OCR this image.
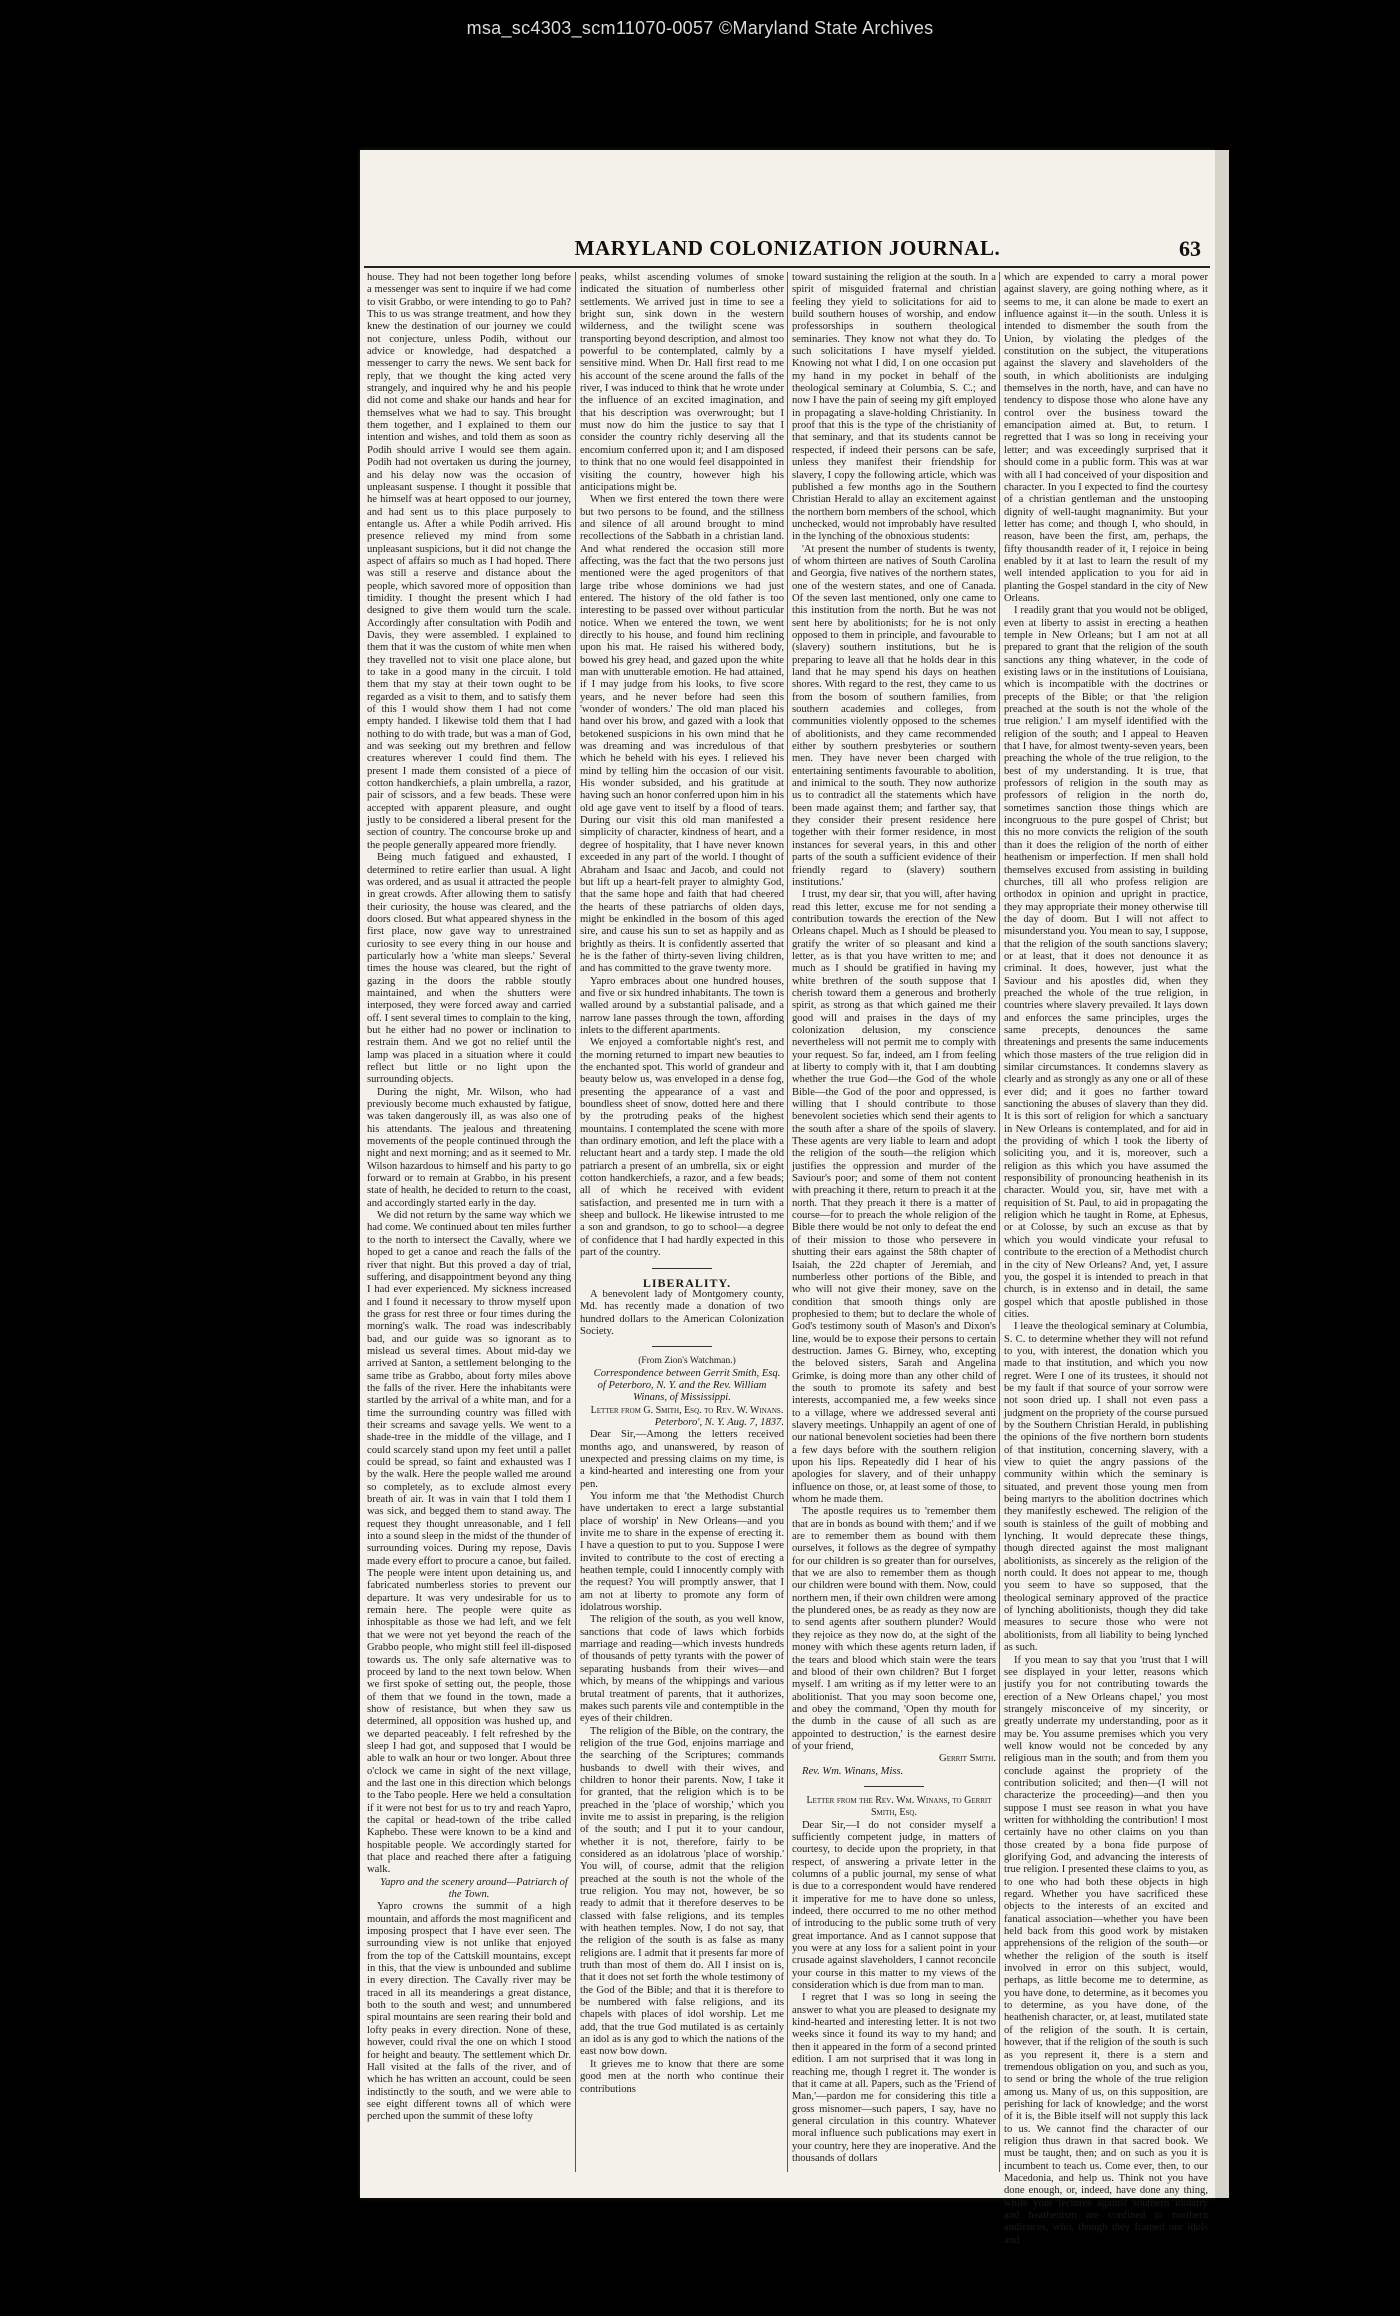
msa_sc4303_scm11070-0057 ©Maryland State Archives
MARYLAND COLONIZATION JOURNAL.	63

house. They had not been together long before a messenger was sent to inquire if we had come to visit Grabbo, or were intending to go to Pah? This to us was strange treatment, and how they knew the destination of our journey we could not conjecture, unless Podih, without our advice or knowledge, had despatched a messenger to carry the news. We sent back for reply, that we thought the king acted very strangely, and inquired why he and his people did not come and shake our hands and hear for themselves what we had to say. This brought them together, and I explained to them our intention and wishes, and told them as soon as Podih should arrive I would see them again. Podih had not overtaken us during the journey, and his delay now was the occasion of unpleasant suspense. I thought it possible that he himself was at heart opposed to our journey, and had sent us to this place purposely to entangle us. After a while Podih arrived. His presence relieved my mind from some unpleasant suspicions, but it did not change the aspect of affairs so much as I had hoped. There was still a reserve and distance about the people, which savored more of opposition than timidity. I thought the present which I had designed to give them would turn the scale. Accordingly after consultation with Podih and Davis, they were assembled. I explained to them that it was the custom of white men when they travelled not to visit one place alone, but to take in a good many in the circuit. I told them that my stay at their town ought to be regarded as a visit to them, and to satisfy them of this I would show them I had not come empty handed. I likewise told them that I had nothing to do with trade, but was a man of God, and was seeking out my brethren and fellow creatures wherever I could find them. The present I made them consisted of a piece of cotton handkerchiefs, a plain umbrella, a razor, pair of scissors, and a few beads. These were accepted with apparent pleasure, and ought justly to be considered a liberal present for the section of country. The concourse broke up and the people generally appeared more friendly.

Being much fatigued and exhausted, I determined to retire earlier than usual. A light was ordered, and as usual it attracted the people in great crowds. After allowing them to satisfy their curiosity, the house was cleared, and the doors closed. But what appeared shyness in the first place, now gave way to unrestrained curiosity to see every thing in our house and particularly how a 'white man sleeps.' Several times the house was cleared, but the right of gazing in the doors the rabble stoutly maintained, and when the shutters were interposed, they were forced away and carried off. I sent several times to complain to the king, but he either had no power or inclination to restrain them. And we got no relief until the lamp was placed in a situation where it could reflect but little or no light upon the surrounding objects.

During the night, Mr. Wilson, who had previously become much exhausted by fatigue, was taken dangerously ill, as was also one of his attendants. The jealous and threatening movements of the people continued through the night and next morning; and as it seemed to Mr. Wilson hazardous to himself and his party to go forward or to remain at Grabbo, in his present state of health, he decided to return to the coast, and accordingly started early in the day.

We did not return by the same way which we had come. We continued about ten miles further to the north to intersect the Cavally, where we hoped to get a canoe and reach the falls of the river that night. But this proved a day of trial, suffering, and disappointment beyond any thing I had ever experienced. My sickness increased and I found it necessary to throw myself upon the grass for rest three or four times during the morning's walk. The road was indescribably bad, and our guide was so ignorant as to mislead us several times. About mid-day we arrived at Santon, a settlement belonging to the same tribe as Grabbo, about forty miles above the falls of the river. Here the inhabitants were startled by the arrival of a white man, and for a time the surrounding country was filled with their screams and savage yells. We went to a shade-tree in the middle of the village, and I could scarcely stand upon my feet until a pallet could be spread, so faint and exhausted was I by the walk. Here the people walled me around so completely, as to exclude almost every breath of air. It was in vain that I told them I was sick, and begged them to stand away. The request they thought unreasonable, and I fell into a sound sleep in the midst of the thunder of surrounding voices. During my repose, Davis made every effort to procure a canoe, but failed. The people were intent upon detaining us, and fabricated numberless stories to prevent our departure. It was very undesirable for us to remain here. The people were quite as inhospitable as those we had left, and we felt that we were not yet beyond the reach of the Grabbo people, who might still feel ill-disposed towards us. The only safe alternative was to proceed by land to the next town below. When we first spoke of setting out, the people, those of them that we found in the town, made a show of resistance, but when they saw us determined, all opposition was hushed up, and we departed peaceably. I felt refreshed by the sleep I had got, and supposed that I would be able to walk an hour or two longer. About three o'clock we came in sight of the next village, and the last one in this direction which belongs to the Tabo people. Here we held a consultation if it were not best for us to try and reach Yapro, the capital or head-town of the tribe called Kaphebo. These were known to be a kind and hospitable people. We accordingly started for that place and reached there after a fatiguing walk.

Yapro and the scenery around—Patriarch of the Town.

Yapro crowns the summit of a high mountain, and affords the most magnificent and imposing prospect that I have ever seen. The surrounding view is not unlike that enjoyed from the top of the Cattskill mountains, except in this, that the view is unbounded and sublime in every direction. The Cavally river may be traced in all its meanderings a great distance, both to the south and west; and unnumbered spiral mountains are seen rearing their bold and lofty peaks in every direction. None of these, however, could rival the one on which I stood for height and beauty. The settlement which Dr. Hall visited at the falls of the river, and of which he has written an account, could be seen indistinctly to the south, and we were able to see eight different towns all of which were perched upon the summit of these lofty

peaks, whilst ascending volumes of smoke indicated the situation of numberless other settlements. We arrived just in time to see a bright sun, sink down in the western wilderness, and the twilight scene was transporting beyond description, and almost too powerful to be contemplated, calmly by a sensitive mind. When Dr. Hall first read to me his account of the scene around the falls of the river, I was induced to think that he wrote under the influence of an excited imagination, and that his description was overwrought; but I must now do him the justice to say that I consider the country richly deserving all the encomium conferred upon it; and I am disposed to think that no one would feel disappointed in visiting the country, however high his anticipations might be.

When we first entered the town there were but two persons to be found, and the stillness and silence of all around brought to mind recollections of the Sabbath in a christian land. And what rendered the occasion still more affecting, was the fact that the two persons just mentioned were the aged progenitors of that large tribe whose dominions we had just entered. The history of the old father is too interesting to be passed over without particular notice. When we entered the town, we went directly to his house, and found him reclining upon his mat. He raised his withered body, bowed his grey head, and gazed upon the white man with unutterable emotion. He had attained, if I may judge from his looks, to five score years, and he never before had seen this 'wonder of wonders.' The old man placed his hand over his brow, and gazed with a look that betokened suspicions in his own mind that he was dreaming and was incredulous of that which he beheld with his eyes. I relieved his mind by telling him the occasion of our visit. His wonder subsided, and his gratitude at having such an honor conferred upon him in his old age gave vent to itself by a flood of tears. During our visit this old man manifested a simplicity of character, kindness of heart, and a degree of hospitality, that I have never known exceeded in any part of the world. I thought of Abraham and Isaac and Jacob, and could not but lift up a heart-felt prayer to almighty God, that the same hope and faith that had cheered the hearts of these patriarchs of olden days, might be enkindled in the bosom of this aged sire, and cause his sun to set as happily and as brightly as theirs. It is confidently asserted that he is the father of thirty-seven living children, and has committed to the grave twenty more.

Yapro embraces about one hundred houses, and five or six hundred inhabitants. The town is walled around by a substantial palisade, and a narrow lane passes through the town, affording inlets to the different apartments.

We enjoyed a comfortable night's rest, and the morning returned to impart new beauties to the enchanted spot. This world of grandeur and beauty below us, was enveloped in a dense fog, presenting the appearance of a vast and boundless sheet of snow, dotted here and there by the protruding peaks of the highest mountains. I contemplated the scene with more than ordinary emotion, and left the place with a reluctant heart and a tardy step. I made the old patriarch a present of an umbrella, six or eight cotton handkerchiefs, a razor, and a few beads; all of which he received with evident satisfaction, and presented me in turn with a sheep and bullock. He likewise intrusted to me a son and grandson, to go to school—a degree of confidence that I had hardly expected in this part of the country.

LIBERALITY.

A benevolent lady of Montgomery county, Md. has recently made a donation of two hundred dollars to the American Colonization Society.

(From Zion's Watchman.)

Correspondence between Gerrit Smith, Esq. of Peterboro, N. Y. and the Rev. William Winans, of Mississippi.

Letter from G. Smith, Esq. to Rev. W. Winans.

Peterboro', N. Y. Aug. 7, 1837.

Dear Sir,—Among the letters received months ago, and unanswered, by reason of unexpected and pressing claims on my time, is a kind-hearted and interesting one from your pen.

You inform me that 'the Methodist Church have undertaken to erect a large substantial place of worship' in New Orleans—and you invite me to share in the expense of erecting it. I have a question to put to you. Suppose I were invited to contribute to the cost of erecting a heathen temple, could I innocently comply with the request? You will promptly answer, that I am not at liberty to promote any form of idolatrous worship.

The religion of the south, as you well know, sanctions that code of laws which forbids marriage and reading—which invests hundreds of thousands of petty tyrants with the power of separating husbands from their wives—and which, by means of the whippings and various brutal treatment of parents, that it authorizes, makes such parents vile and contemptible in the eyes of their children.

The religion of the Bible, on the contrary, the religion of the true God, enjoins marriage and the searching of the Scriptures; commands husbands to dwell with their wives, and children to honor their parents. Now, I take it for granted, that the religion which is to be preached in the 'place of worship,' which you invite me to assist in preparing, is the religion of the south; and I put it to your candour, whether it is not, therefore, fairly to be considered as an idolatrous 'place of worship.' You will, of course, admit that the religion preached at the south is not the whole of the true religion. You may not, however, be so ready to admit that it therefore deserves to be classed with false religions, and its temples with heathen temples. Now, I do not say, that the religion of the south is as false as many religions are. I admit that it presents far more of truth than most of them do. All I insist on is, that it does not set forth the whole testimony of the God of the Bible; and that it is therefore to be numbered with false religions, and its chapels with places of idol worship. Let me add, that the true God mutilated is as certainly an idol as is any god to which the nations of the east now bow down.

It grieves me to know that there are some good men at the north who continue their contributions

toward sustaining the religion at the south. In a spirit of misguided fraternal and christian feeling they yield to solicitations for aid to build southern houses of worship, and endow professorships in southern theological seminaries. They know not what they do. To such solicitations I have myself yielded. Knowing not what I did, I on one occasion put my hand in my pocket in behalf of the theological seminary at Columbia, S. C.; and now I have the pain of seeing my gift employed in propagating a slave-holding Christianity. In proof that this is the type of the christianity of that seminary, and that its students cannot be respected, if indeed their persons can be safe, unless they manifest their friendship for slavery, I copy the following article, which was published a few months ago in the Southern Christian Herald to allay an excitement against the northern born members of the school, which unchecked, would not improbably have resulted in the lynching of the obnoxious students:

'At present the number of students is twenty, of whom thirteen are natives of South Carolina and Georgia, five natives of the northern states, one of the western states, and one of Canada. Of the seven last mentioned, only one came to this institution from the north. But he was not sent here by abolitionists; for he is not only opposed to them in principle, and favourable to (slavery) southern institutions, but he is preparing to leave all that he holds dear in this land that he may spend his days on heathen shores. With regard to the rest, they came to us from the bosom of southern families, from southern academies and colleges, from communities violently opposed to the schemes of abolitionists, and they came recommended either by southern presbyteries or southern men. They have never been charged with entertaining sentiments favourable to abolition, and inimical to the south. They now authorize us to contradict all the statements which have been made against them; and farther say, that they consider their present residence here together with their former residence, in most instances for several years, in this and other parts of the south a sufficient evidence of their friendly regard to (slavery) southern institutions.'

I trust, my dear sir, that you will, after having read this letter, excuse me for not sending a contribution towards the erection of the New Orleans chapel. Much as I should be pleased to gratify the writer of so pleasant and kind a letter, as is that you have written to me; and much as I should be gratified in having my white brethren of the south suppose that I cherish toward them a generous and brotherly spirit, as strong as that which gained me their good will and praises in the days of my colonization delusion, my conscience nevertheless will not permit me to comply with your request. So far, indeed, am I from feeling at liberty to comply with it, that I am doubting whether the true God—the God of the whole Bible—the God of the poor and oppressed, is willing that I should contribute to those benevolent societies which send their agents to the south after a share of the spoils of slavery. These agents are very liable to learn and adopt the religion of the south—the religion which justifies the oppression and murder of the Saviour's poor; and some of them not content with preaching it there, return to preach it at the north. That they preach it there is a matter of course—for to preach the whole religion of the Bible there would be not only to defeat the end of their mission to those who persevere in shutting their ears against the 58th chapter of Isaiah, the 22d chapter of Jeremiah, and numberless other portions of the Bible, and who will not give their money, save on the condition that smooth things only are prophesied to them; but to declare the whole of God's testimony south of Mason's and Dixon's line, would be to expose their persons to certain destruction. James G. Birney, who, excepting the beloved sisters, Sarah and Angelina Grimke, is doing more than any other child of the south to promote its safety and best interests, accompanied me, a few weeks since to a village, where we addressed several anti slavery meetings. Unhappily an agent of one of our national benevolent societies had been there a few days before with the southern religion upon his lips. Repeatedly did I hear of his apologies for slavery, and of their unhappy influence on those, or, at least some of those, to whom he made them.

The apostle requires us to 'remember them that are in bonds as bound with them;' and if we are to remember them as bound with them ourselves, it follows as the degree of sympathy for our children is so greater than for ourselves, that we are also to remember them as though our children were bound with them. Now, could northern men, if their own children were among the plundered ones, be as ready as they now are to send agents after southern plunder? Would they rejoice as they now do, at the sight of the money with which these agents return laden, if the tears and blood which stain were the tears and blood of their own children? But I forget myself. I am writing as if my letter were to an abolitionist. That you may soon become one, and obey the command, 'Open thy mouth for the dumb in the cause of all such as are appointed to destruction,' is the earnest desire of your friend,

Gerrit Smith.

Rev. Wm. Winans, Miss.

Letter from the Rev. Wm. Winans, to Gerrit Smith, Esq.

Dear Sir,—I do not consider myself a sufficiently competent judge, in matters of courtesy, to decide upon the propriety, in that respect, of answering a private letter in the columns of a public journal, my sense of what is due to a correspondent would have rendered it imperative for me to have done so unless, indeed, there occurred to me no other method of introducing to the public some truth of very great importance. And as I cannot suppose that you were at any loss for a salient point in your crusade against slaveholders, I cannot reconcile your course in this matter to my views of the consideration which is due from man to man.

I regret that I was so long in seeing the answer to what you are pleased to designate my kind-hearted and interesting letter. It is not two weeks since it found its way to my hand; and then it appeared in the form of a second printed edition. I am not surprised that it was long in reaching me, though I regret it. The wonder is that it came at all. Papers, such as the 'Friend of Man,'—pardon me for considering this title a gross misnomer—such papers, I say, have no general circulation in this country. Whatever moral influence such publications may exert in your country, here they are inoperative. And the thousands of dollars

which are expended to carry a moral power against slavery, are going nothing where, as it seems to me, it can alone be made to exert an influence against it—in the south. Unless it is intended to dismember the south from the Union, by violating the pledges of the constitution on the subject, the vituperations against the slavery and slaveholders of the south, in which abolitionists are indulging themselves in the north, have, and can have no tendency to dispose those who alone have any control over the business toward the emancipation aimed at. But, to return. I regretted that I was so long in receiving your letter; and was exceedingly surprised that it should come in a public form. This was at war with all I had conceived of your disposition and character. In you I expected to find the courtesy of a christian gentleman and the unstooping dignity of well-taught magnanimity. But your letter has come; and though I, who should, in reason, have been the first, am, perhaps, the fifty thousandth reader of it, I rejoice in being enabled by it at last to learn the result of my well intended application to you for aid in planting the Gospel standard in the city of New Orleans.

I readily grant that you would not be obliged, even at liberty to assist in erecting a heathen temple in New Orleans; but I am not at all prepared to grant that the religion of the south sanctions any thing whatever, in the code of existing laws or in the institutions of Louisiana, which is incompatible with the doctrines or precepts of the Bible; or that 'the religion preached at the south is not the whole of the true religion.' I am myself identified with the religion of the south; and I appeal to Heaven that I have, for almost twenty-seven years, been preaching the whole of the true religion, to the best of my understanding. It is true, that professors of religion in the south may as professors of religion in the north do, sometimes sanction those things which are incongruous to the pure gospel of Christ; but this no more convicts the religion of the south than it does the religion of the north of either heathenism or imperfection. If men shall hold themselves excused from assisting in building churches, till all who profess religion are orthodox in opinion and upright in practice, they may appropriate their money otherwise till the day of doom. But I will not affect to misunderstand you. You mean to say, I suppose, that the religion of the south sanctions slavery; or at least, that it does not denounce it as criminal. It does, however, just what the Saviour and his apostles did, when they preached the whole of the true religion, in countries where slavery prevailed. It lays down and enforces the same principles, urges the same precepts, denounces the same threatenings and presents the same inducements which those masters of the true religion did in similar circumstances. It condemns slavery as clearly and as strongly as any one or all of these ever did; and it goes no farther toward sanctioning the abuses of slavery than they did. It is this sort of religion for which a sanctuary in New Orleans is contemplated, and for aid in the providing of which I took the liberty of soliciting you, and it is, moreover, such a religion as this which you have assumed the responsibility of pronouncing heathenish in its character. Would you, sir, have met with a requisition of St. Paul, to aid in propagating the religion which he taught in Rome, at Ephesus, or at Colosse, by such an excuse as that by which you would vindicate your refusal to contribute to the erection of a Methodist church in the city of New Orleans? And, yet, I assure you, the gospel it is intended to preach in that church, is in extenso and in detail, the same gospel which that apostle published in those cities.

I leave the theological seminary at Columbia, S. C. to determine whether they will not refund to you, with interest, the donation which you made to that institution, and which you now regret. Were I one of its trustees, it should not be my fault if that source of your sorrow were not soon dried up. I shall not even pass a judgment on the propriety of the course pursued by the Southern Christian Herald, in publishing the opinions of the five northern born students of that institution, concerning slavery, with a view to quiet the angry passions of the community within which the seminary is situated, and prevent those young men from being martyrs to the abolition doctrines which they manifestly eschewed. The religion of the south is stainless of the guilt of mobbing and lynching. It would deprecate these things, though directed against the most malignant abolitionists, as sincerely as the religion of the north could. It does not appear to me, though you seem to have so supposed, that the theological seminary approved of the practice of lynching abolitionists, though they did take measures to secure those who were not abolitionists, from all liability to being lynched as such.

If you mean to say that you 'trust that I will see displayed in your letter, reasons which justify you for not contributing towards the erection of a New Orleans chapel,' you most strangely misconceive of my sincerity, or greatly underrate my understanding, poor as it may be. You assume premises which you very well know would not be conceded by any religious man in the south; and from them you conclude against the propriety of the contribution solicited; and then—(I will not characterize the proceeding)—and then you suppose I must see reason in what you have written for withholding the contribution! I most certainly have no other claims on you than those created by a bona fide purpose of glorifying God, and advancing the interests of true religion. I presented these claims to you, as to one who had both these objects in high regard. Whether you have sacrificed these objects to the interests of an excited and fanatical association—whether you have been held back from this good work by mistaken apprehensions of the religion of the south—or whether the religion of the south is itself involved in error on this subject, would, perhaps, as little become me to determine, as you have done, to determine, as it becomes you to determine, as you have done, of the heathenish character, or, at least, mutilated state of the religion of the south. It is certain, however, that if the religion of the south is such as you represent it, there is a stern and tremendous obligation on you, and such as you, to send or bring the whole of the true religion among us. Many of us, on this supposition, are perishing for lack of knowledge; and the worst of it is, the Bible itself will not supply this lack to us. We cannot find the character of our religion thus drawn in that sacred book. We must be taught, then; and on such as you it is incumbent to teach us. Come ever, then, to our Macedonia, and help us. Think not you have done enough, or, indeed, have done any thing, while your lectures against southern idolatry and heathenism are confined to northern audiences, who, though they framed our idols and
